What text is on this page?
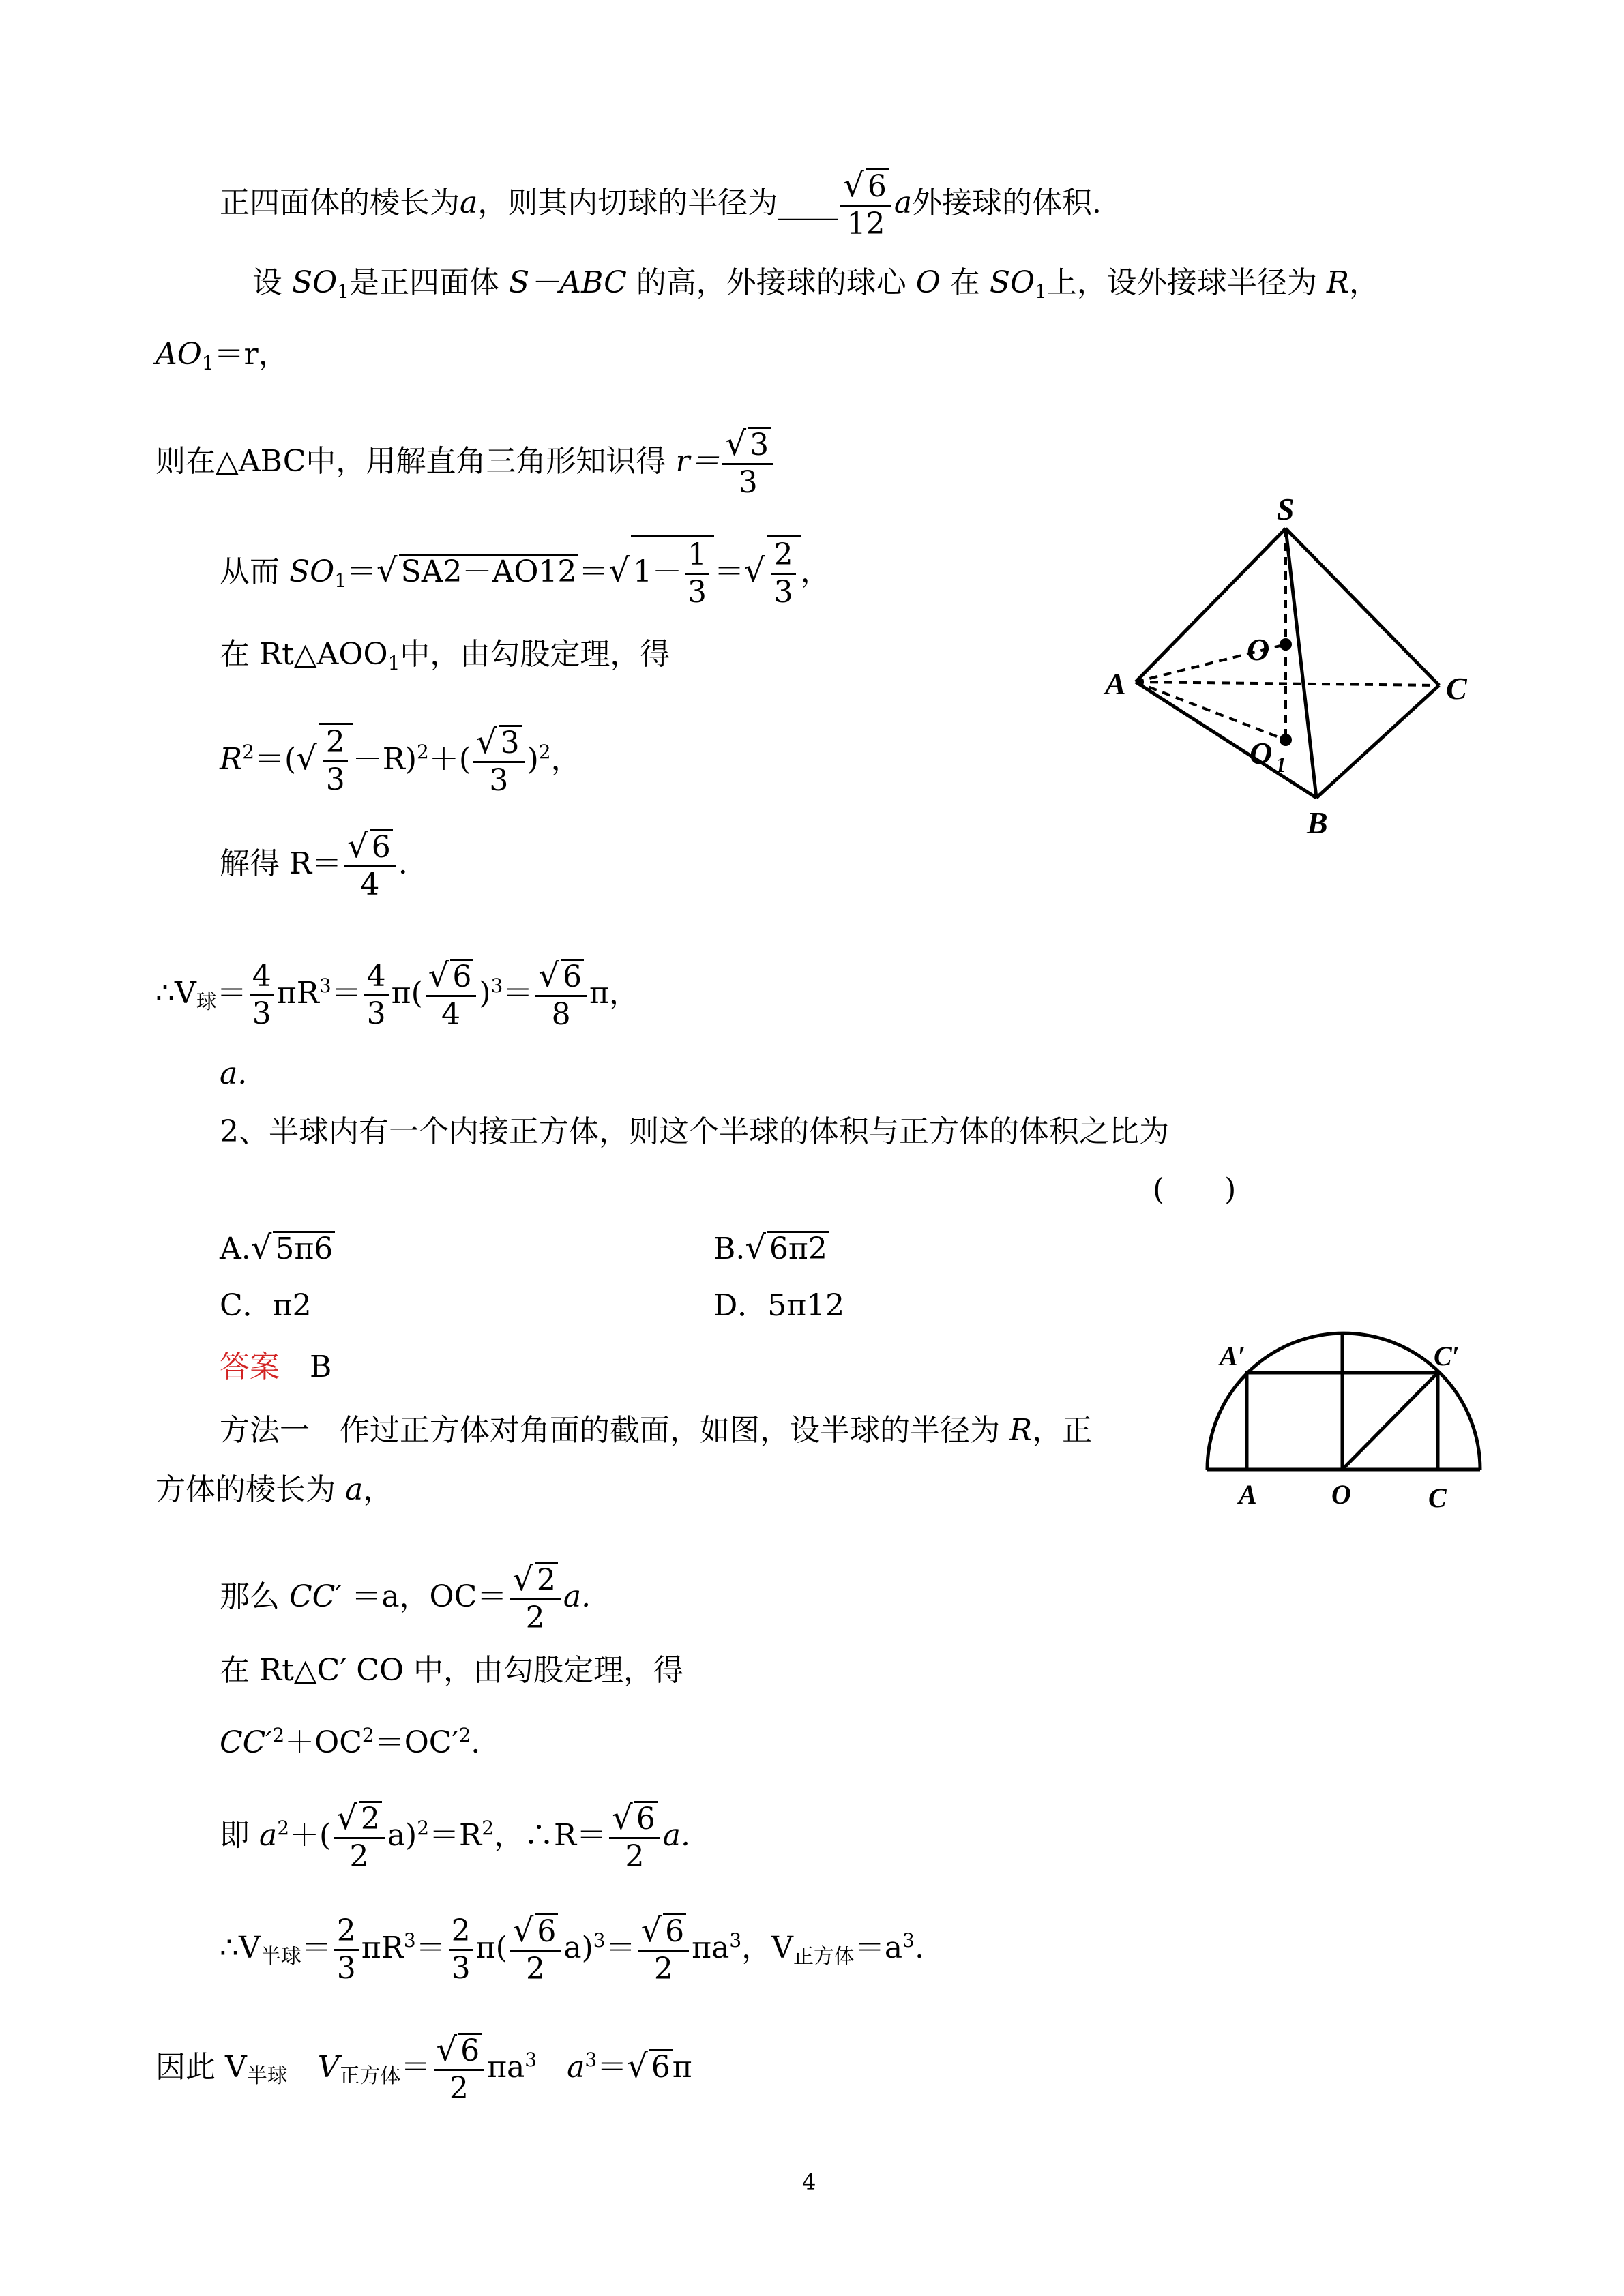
正四面体的棱长为a，则其内切球的半径为____ $\frac{√ 6}{12}$ a外接球的体积.
设 $SO_1$是正四面体 S－ABC 的高，外接球的球心 O 在 $SO_1$上，设外接球半径为 R，
$AO_1=r$，
则在△ABC中，用解直角三角形知识得 $r= \frac{√ 3}{3}$
从而 $SO_1=√$ SA2－AO12＝√ $1- \frac{1}{3}$ ＝√ $\frac{2}{3}$ ，
在 $Rt\triangle AOO_1$中，由勾股定理，得
$R^2=(√ \frac{2}{3} -R)^2+( \frac{√ 3}{3} )^2$，
解得 $R= \frac{√ 6}{4}$ .
$\therefore V_球= \frac{4}{3} \pi R^3= \frac{4}{3} \pi( \frac{√ 6}{4} )^3= \frac{√ 6}{8}$ π，
a.
S
A	C
B
O
O 1
2、半球内有一个内接正方体，则这个半球的体积与正方体的体积之比为
(　　)
A.√ 5π6	B.√ 6π2
C．π2	D．5π12
答案　 B	A′	C′
A	O	C
方法一　作过正方体对角面的截面，如图，设半球的半径为 R，正
方体的棱长为 a，
那么 CC′ ＝a，$OC= \frac{√ 2}{2} a$.
在 Rt△C′ CO 中，由勾股定理，得
$CC'^2+OC^2=OC'^2$.
即 $a^2+( \frac{√ 2}{2} a)^2=R^2$，∴R＝ $\frac{√ 6}{2} a$.
$\therefore V_{半球}= \frac{2}{3} \pi R^3= \frac{2}{3} \pi( \frac{√ 6}{2} a)^3= \frac{√ 6}{2} \pi a^3$，$V_{正方体}=a^3$.
因此 $V_{半球}$　 $V_{正方体}= \frac{√ 6}{2} \pi a^3$　 $a^3=√$ 6π
4
